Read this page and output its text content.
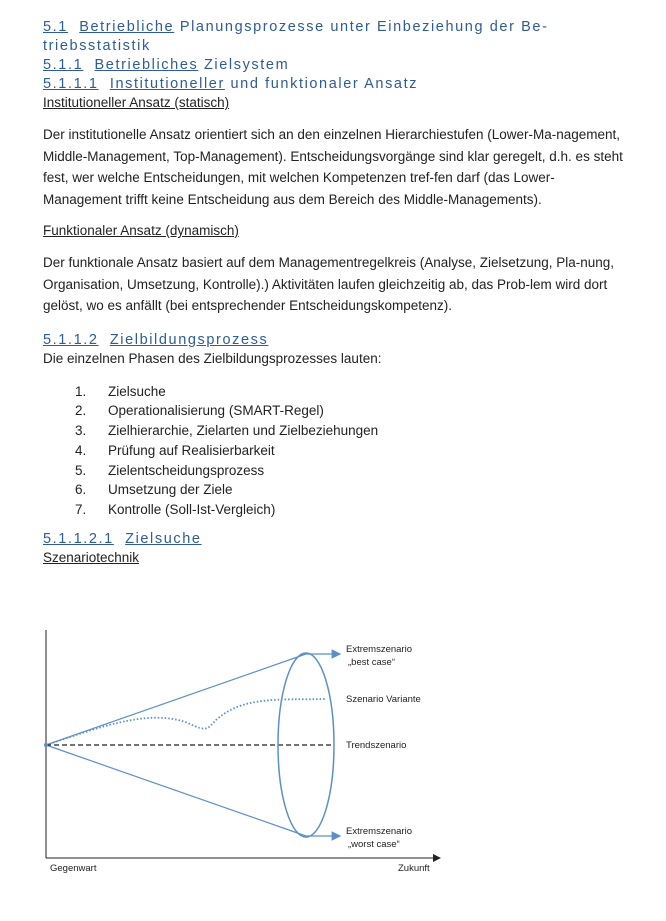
5.1 Betriebliche Planungsprozesse unter Einbeziehung der Be-triebsstatistik
5.1.1 Betriebliches Zielsystem
5.1.1.1 Institutioneller und funktionaler Ansatz
Institutioneller Ansatz (statisch)

Der institutionelle Ansatz orientiert sich an den einzelnen Hierarchiestufen (Lower-Ma-nagement, Middle-Management, Top-Management). Entscheidungsvorgänge sind klar geregelt, d.h. es steht fest, wer welche Entscheidungen, mit welchen Kompetenzen tref-fen darf (das Lower-Management trifft keine Entscheidung aus dem Bereich des Middle-Managements).

Funktionaler Ansatz (dynamisch)

Der funktionale Ansatz basiert auf dem Managementregelkreis (Analyse, Zielsetzung, Pla-nung, Organisation, Umsetzung, Kontrolle).) Aktivitäten laufen gleichzeitig ab, das Prob-lem wird dort gelöst, wo es anfällt (bei entsprechender Entscheidungskompetenz).

5.1.1.2 Zielbildungsprozess
Die einzelnen Phasen des Zielbildungsprozesses lauten:
1.	Zielsuche
2.	Operationalisierung (SMART-Regel)
3.	Zielhierarchie, Zielarten und Zielbeziehungen
4.	Prüfung auf Realisierbarkeit
5.	Zielentscheidungsprozess
6.	Umsetzung der Ziele
7.	Kontrolle (Soll-Ist-Vergleich)
5.1.1.2.1 Zielsuche
Szenariotechnik
Extremszenario
„best case“
Szenario Variante
Trendszenario
Extremszenario
„worst case“
Gegenwart	Zukunft
